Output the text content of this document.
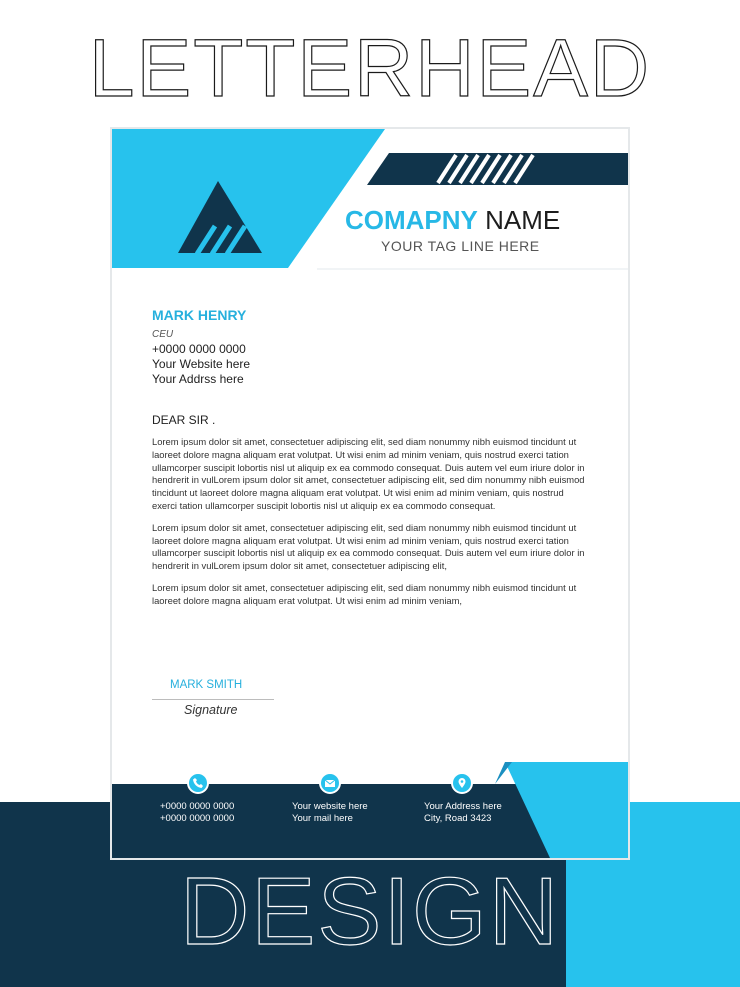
LETTERHEAD
COMAPNY NAME
YOUR TAG LINE HERE
MARK HENRY
CEU
+0000 0000 0000
Your Website here
Your Addrss here
DEAR SIR .

Lorem ipsum dolor sit amet, consectetuer adipiscing elit, sed diam nonummy nibh euismod tincidunt ut laoreet dolore magna aliquam erat volutpat. Ut wisi enim ad minim veniam, quis nostrud exerci tation ullamcorper suscipit lobortis nisl ut aliquip ex ea commodo consequat. Duis autem vel eum iriure dolor in hendrerit in vulLorem ipsum dolor sit amet, consectetuer adipiscing elit, sed dim nonummy nibh euismod tincidunt ut laoreet dolore magna aliquam erat volutpat. Ut wisi enim ad minim veniam, quis nostrud exerci tation ullamcorper suscipit lobortis nisl ut aliquip ex ea commodo consequat.

Lorem ipsum dolor sit amet, consectetuer adipiscing elit, sed diam nonummy nibh euismod tincidunt ut laoreet dolore magna aliquam erat volutpat. Ut wisi enim ad minim veniam, quis nostrud exerci tation ullamcorper suscipit lobortis nisl ut aliquip ex ea commodo consequat. Duis autem vel eum iriure dolor in hendrerit in vulLorem ipsum dolor sit amet, consectetuer adipiscing elit,

Lorem ipsum dolor sit amet, consectetuer adipiscing elit, sed diam nonummy nibh euismod tincidunt ut laoreet dolore magna aliquam erat volutpat. Ut wisi enim ad minim veniam,

MARK SMITH
Signature
+0000 0000 0000
+0000 0000 0000
Your website here
Your mail here
Your Address here
City, Road 3423
DESIGN
